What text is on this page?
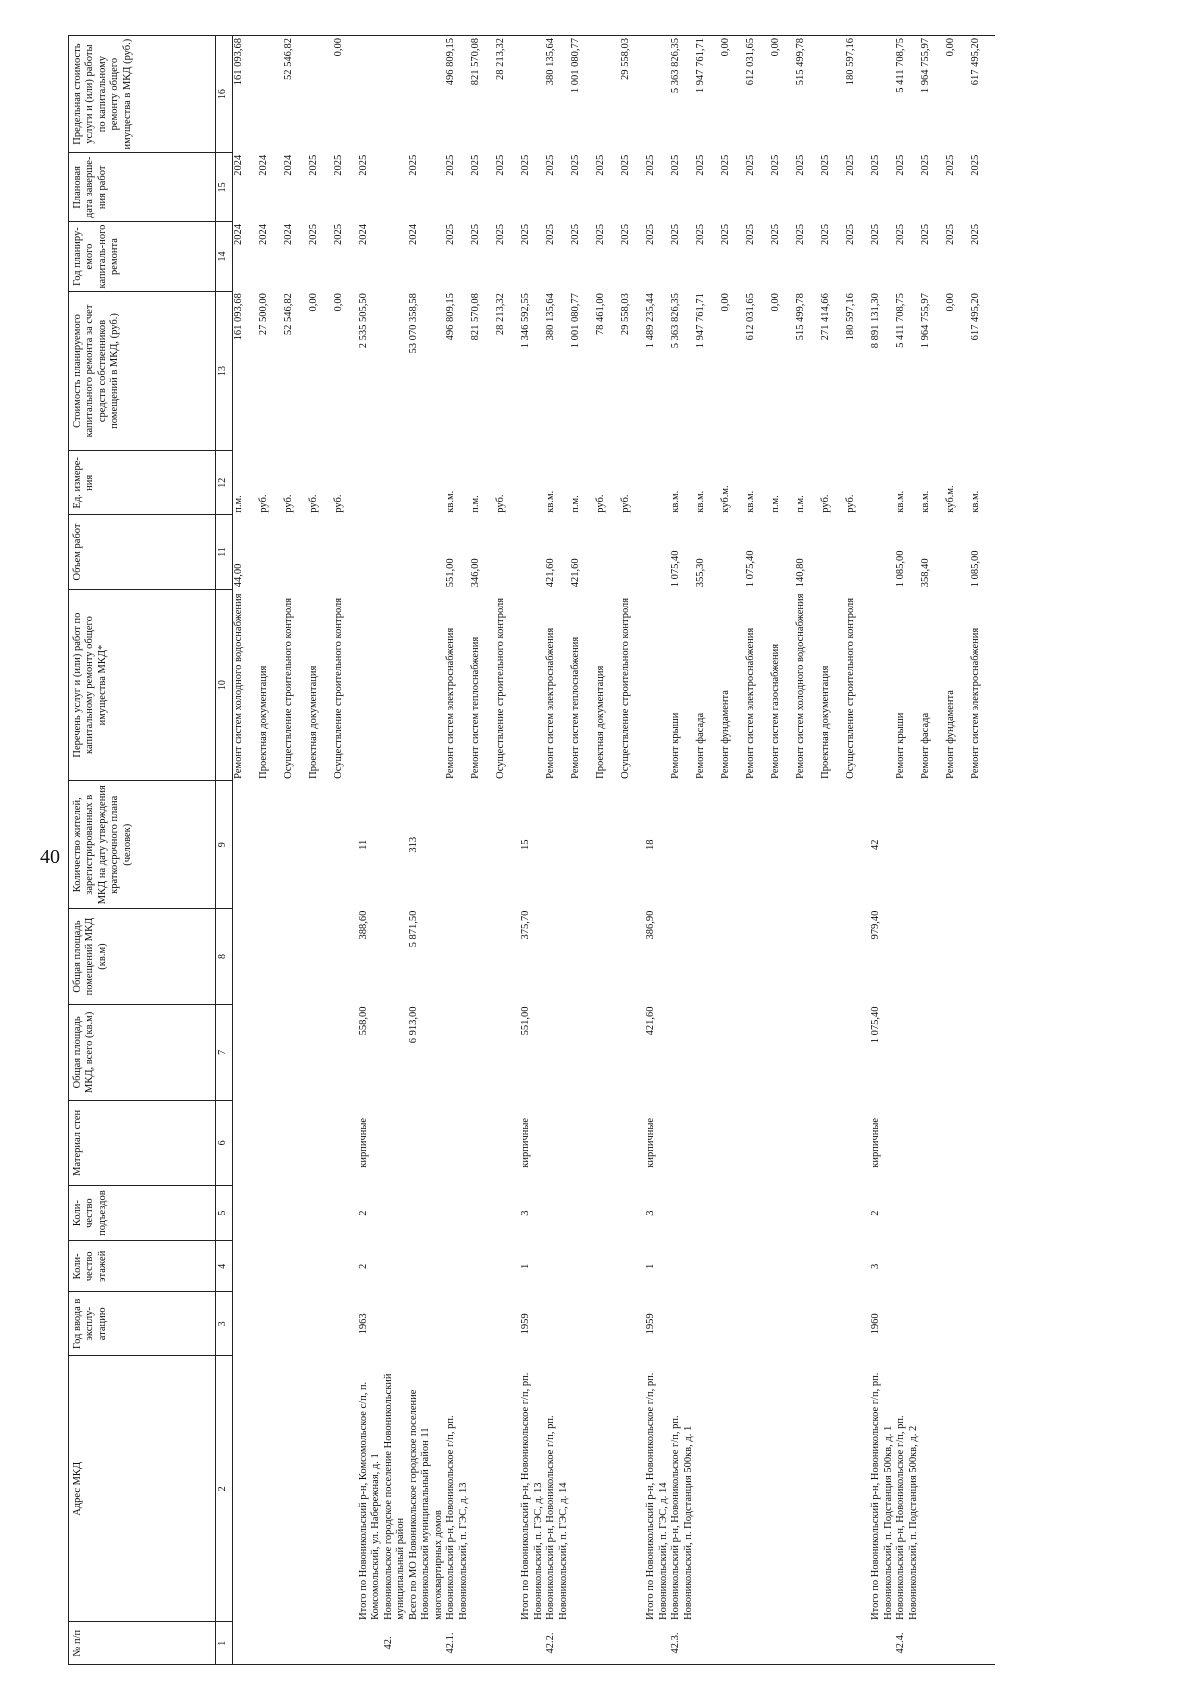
40
№ п/п	Адрес МКД	Год ввода в эксплу-атацию	Коли-чество этажей	Коли-чество подъездов	Материал стен	Общая площадь МКД, всего (кв.м)	Общая площадь помещений МКД (кв.м)	Количество жителей, зарегистрированных в МКД на дату утверждения краткосрочного плана (человек)	Перечень услуг и (или) работ по капитальному ремонту общего имущества МКД*	Объем работ	Ед. измере-ния	Стоимость планируемого капитального ремонта за счет средств собственников помещений в МКД, (руб.)	Год планиру-емого капиталь-ного ремонта	Плановая дата заверше-ния работ	Предельная стоимость услуги и (или) работы по капитальному ремонту общего имущества в МКД (руб.)
1	2	3	4	5	6	7	8	9	10	11	12	13	14	15	16
									Ремонт систем холодного водоснабжения	44,00	п.м.	161 093,68	2024	2024	161 093,68
									Проектная документация		руб.	27 500,00	2024	2024	
									Осуществление строительного контроля		руб.	52 546,82	2024	2024	52 546,82
									Проектная документация		руб.	0,00	2025	2025	
									Осуществление строительного контроля		руб.	0,00	2025	2025	0,00
	Итого по Новоникольский р-н, Комсомольское с/п, п. Комсомольский, ул. Набережная, д. 1	1963	2	2	кирпичные	558,00	388,60	11				2 535 505,50	2024	2025	
42.	Новоникольское городское поселение Новоникольский муниципальный район														
	Всего по МО Новоникольское городское поселение Новоникольский муниципальный район 11 многоквартирных домов					6 913,00	5 871,50	313				53 070 358,58	2024	2025	
42.1.	Новоникольский р-н, Новоникольское г/п, рп. Новоникольский, п. ГЭС, д. 13								Ремонт систем электроснабжения	551,00	кв.м.	496 809,15	2025	2025	496 809,15
									Ремонт систем теплоснабжения	346,00	п.м.	821 570,08	2025	2025	821 570,08
									Осуществление строительного контроля		руб.	28 213,32	2025	2025	28 213,32
	Итого по Новоникольский р-н, Новоникольское г/п, рп. Новоникольский, п. ГЭС, д. 13	1959	1	3	кирпичные	551,00	375,70	15				1 346 592,55	2025	2025	
42.2.	Новоникольский р-н, Новоникольское г/п, рп. Новоникольский, п. ГЭС, д. 14								Ремонт систем электроснабжения	421,60	кв.м.	380 135,64	2025	2025	380 135,64
									Ремонт систем теплоснабжения	421,60	п.м.	1 001 080,77	2025	2025	1 001 080,77
									Проектная документация		руб.	78 461,00	2025	2025	
									Осуществление строительного контроля		руб.	29 558,03	2025	2025	29 558,03
	Итого по Новоникольский р-н, Новоникольское г/п, рп. Новоникольский, п. ГЭС, д. 14	1959	1	3	кирпичные	421,60	386,90	18				1 489 235,44	2025	2025	
42.3.	Новоникольский р-н, Новоникольское г/п, рп. Новоникольский, п. Подстанция 500кв, д. 1								Ремонт крыши	1 075,40	кв.м.	5 363 826,35	2025	2025	5 363 826,35
									Ремонт фасада	355,30	кв.м.	1 947 761,71	2025	2025	1 947 761,71
									Ремонт фундамента		куб.м.	0,00	2025	2025	0,00
									Ремонт систем электроснабжения	1 075,40	кв.м.	612 031,65	2025	2025	612 031,65
									Ремонт систем газоснабжения		п.м.	0,00	2025	2025	0,00
									Ремонт систем холодного водоснабжения	140,80	п.м.	515 499,78	2025	2025	515 499,78
									Проектная документация		руб.	271 414,66	2025	2025	
									Осуществление строительного контроля		руб.	180 597,16	2025	2025	180 597,16
	Итого по Новоникольский р-н, Новоникольское г/п, рп. Новоникольский, п. Подстанция 500кв, д. 1	1960	3	2	кирпичные	1 075,40	979,40	42				8 891 131,30	2025	2025	
42.4.	Новоникольский р-н, Новоникольское г/п, рп. Новоникольский, п. Подстанция 500кв, д. 2								Ремонт крыши	1 085,00	кв.м.	5 411 708,75	2025	2025	5 411 708,75
									Ремонт фасада	358,40	кв.м.	1 964 755,97	2025	2025	1 964 755,97
									Ремонт фундамента		куб.м.	0,00	2025	2025	0,00
									Ремонт систем электроснабжения	1 085,00	кв.м.	617 495,20	2025	2025	617 495,20
